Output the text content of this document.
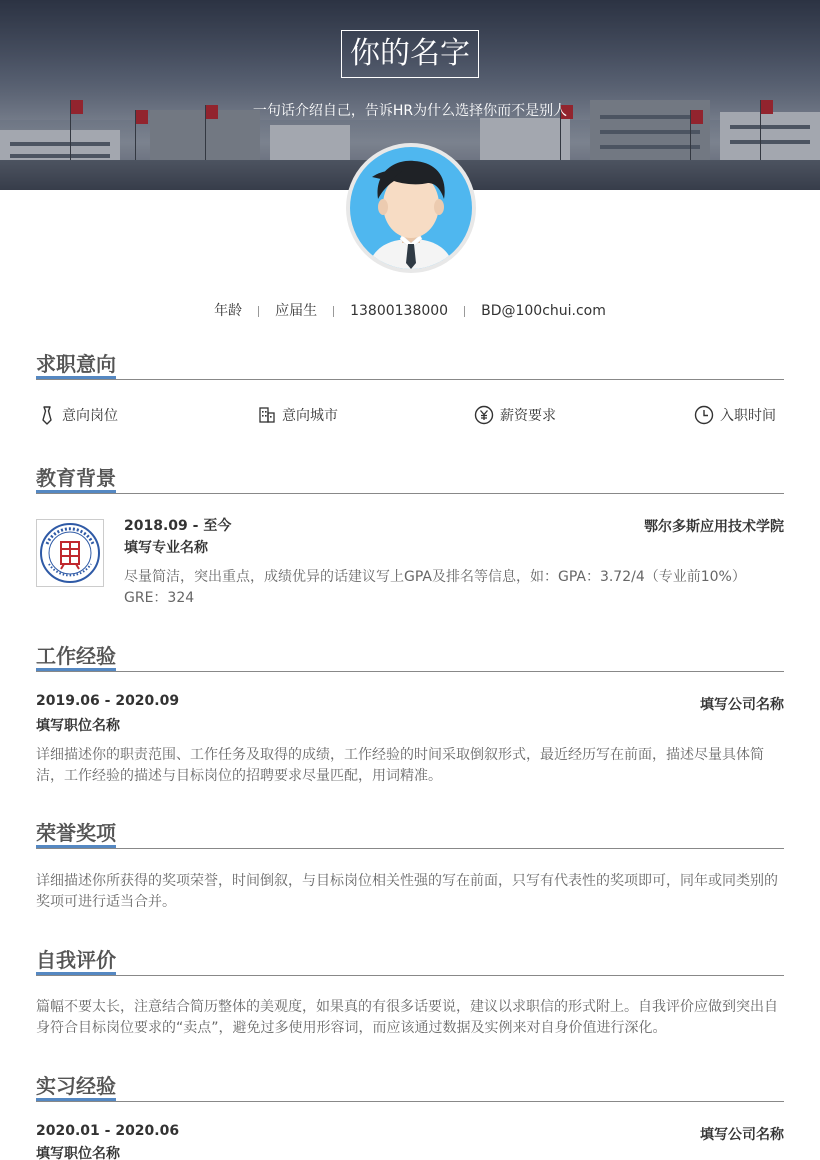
你的名字
一句话介绍自己，告诉HR为什么选择你而不是别人
年龄 应届生 13800138000 BD@100chui.com
求职意向
意向岗位	意向城市	薪资要求	入职时间
教育背景
2018.09 - 至今	鄂尔多斯应用技术学院
填写专业名称
尽量简洁，突出重点，成绩优异的话建议写上GPA及排名等信息，如：GPA：3.72/4（专业前10%） GRE：324
工作经验
2019.06 - 2020.09	填写公司名称
填写职位名称
详细描述你的职责范围、工作任务及取得的成绩，工作经验的时间采取倒叙形式，最近经历写在前面，描述尽量具体简洁，工作经验的描述与目标岗位的招聘要求尽量匹配，用词精准。
荣誉奖项
详细描述你所获得的奖项荣誉，时间倒叙，与目标岗位相关性强的写在前面，只写有代表性的奖项即可，同年或同类别的奖项可进行适当合并。
自我评价
篇幅不要太长，注意结合简历整体的美观度，如果真的有很多话要说，建议以求职信的形式附上。自我评价应做到突出自身符合目标岗位要求的“卖点”，避免过多使用形容词，而应该通过数据及实例来对自身价值进行深化。
实习经验
2020.01 - 2020.06	填写公司名称
填写职位名称
